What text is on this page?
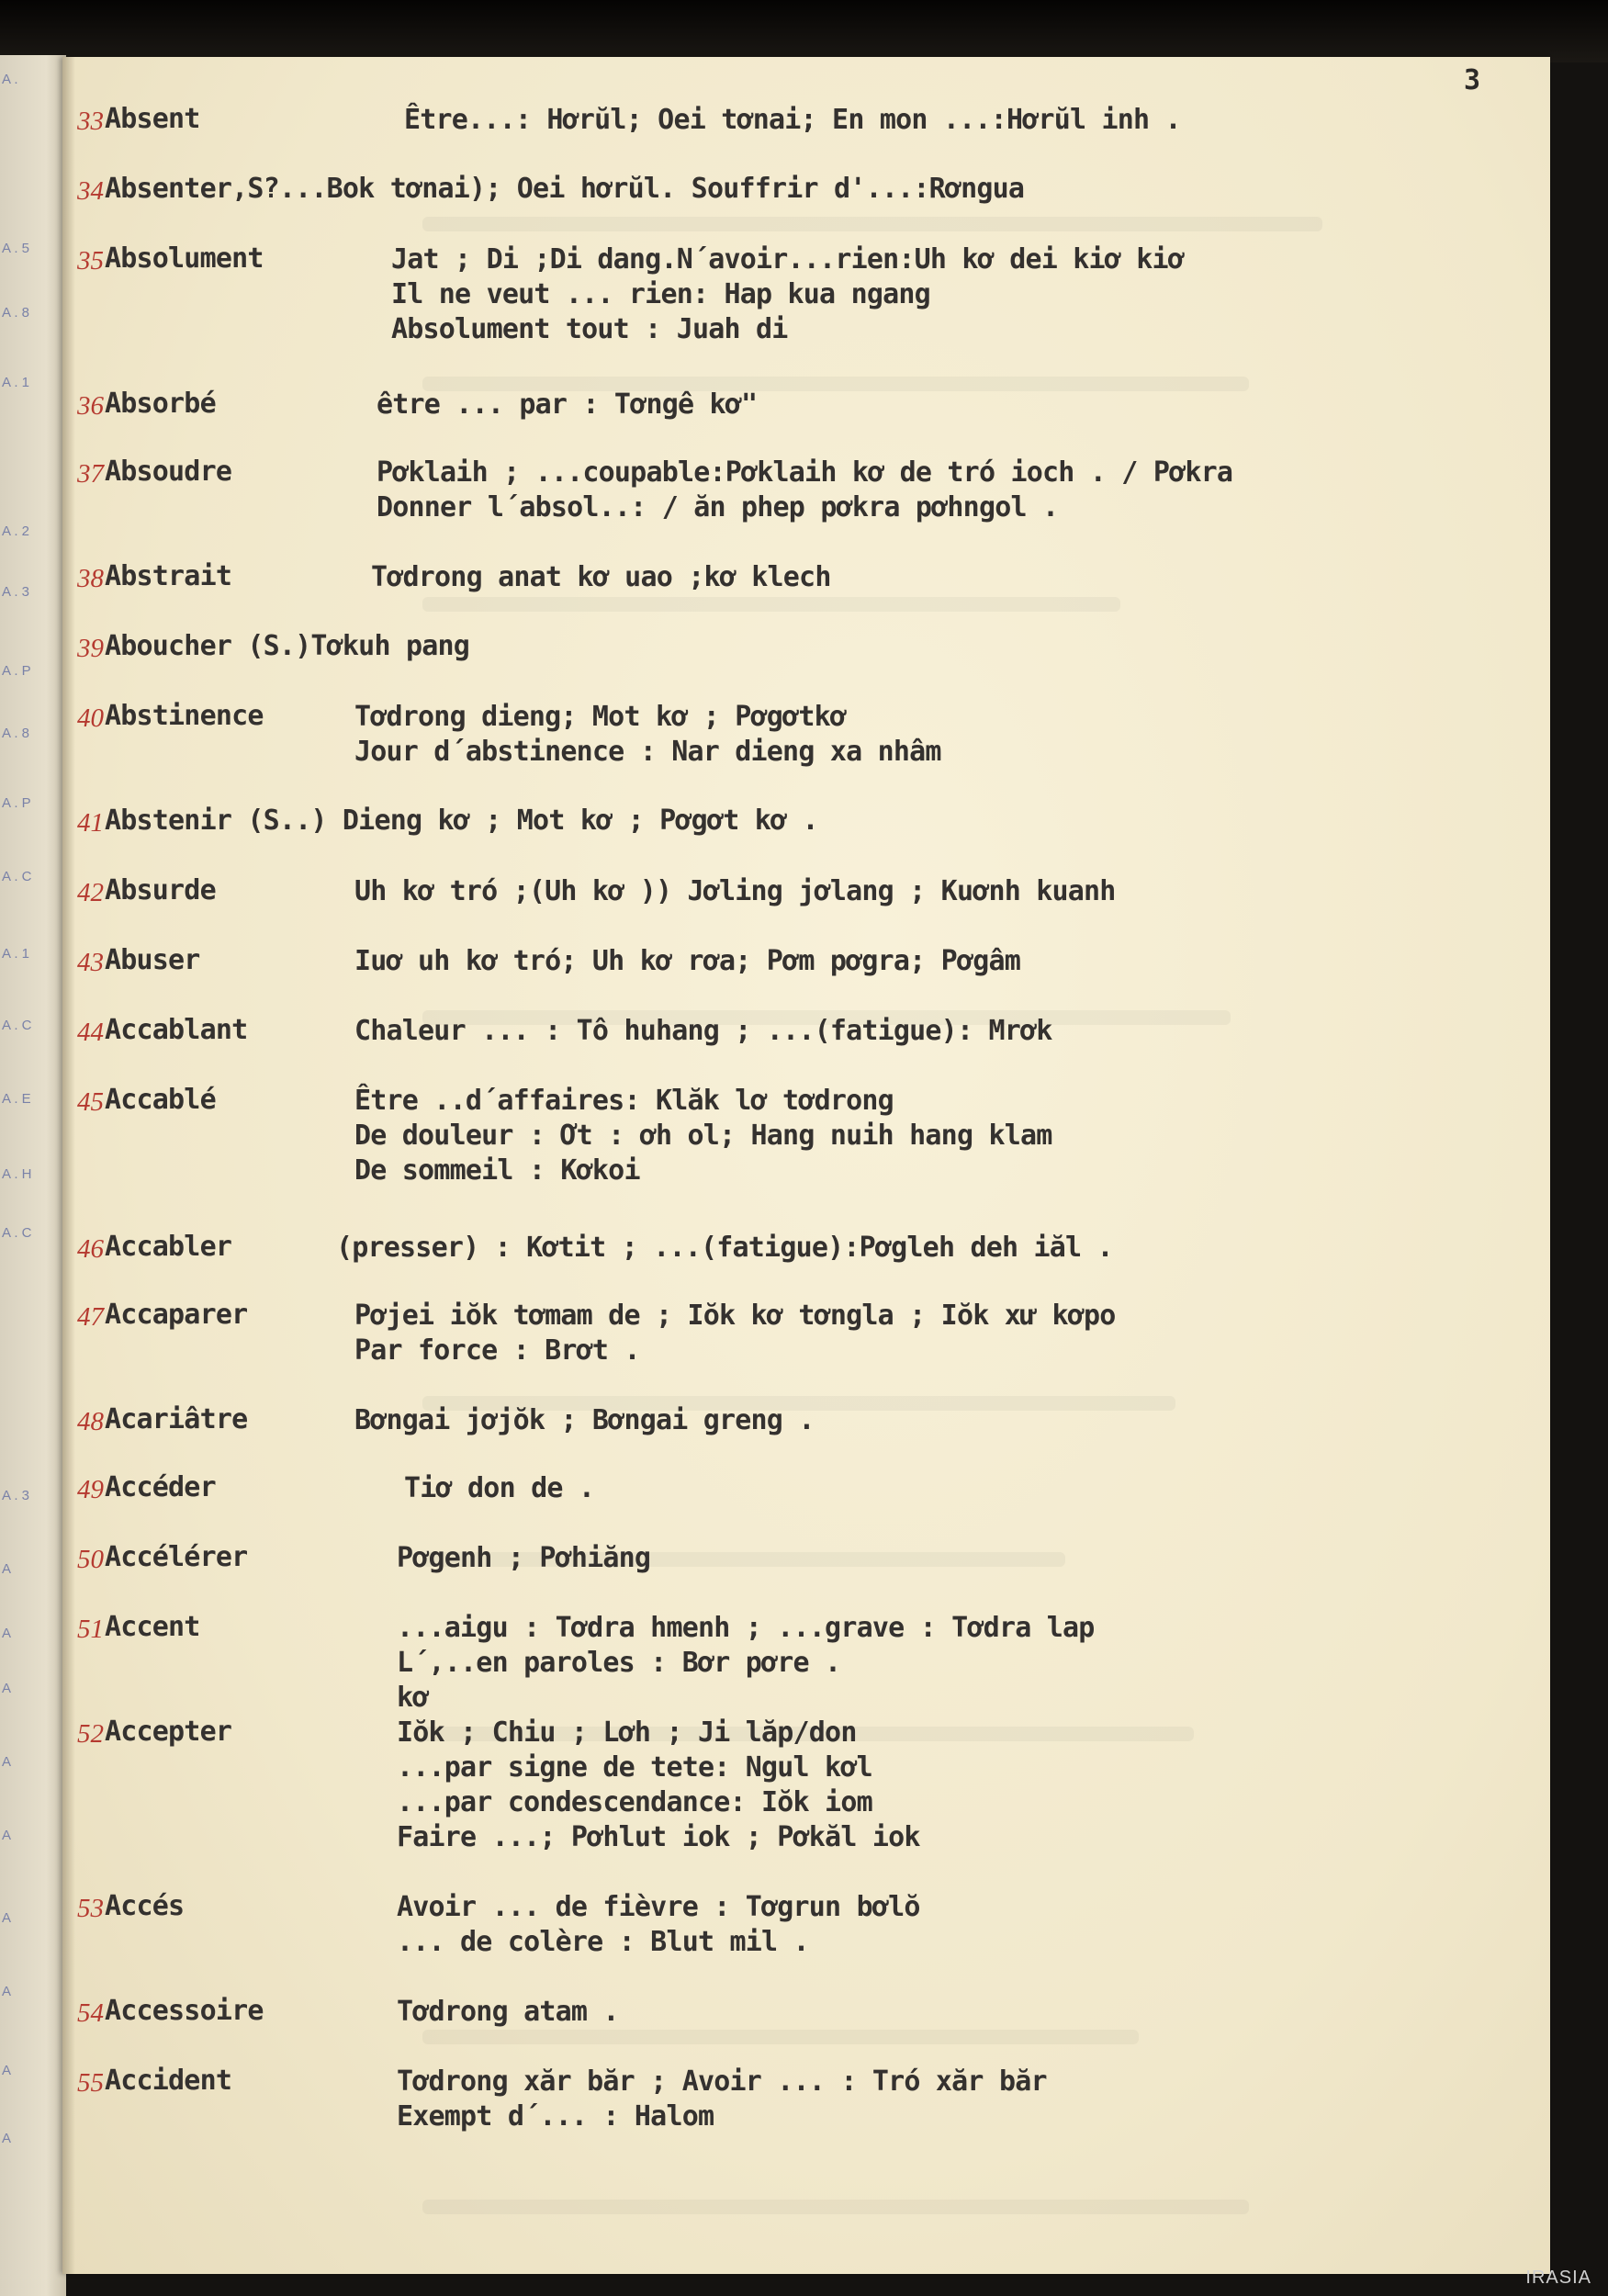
A .
A . 5
A . 8
A . 1
A . 2
A . 3
A . P
A . 8
A . P
A . C
A . 1
A . C
A . E
A . H
A . C
A . 3
A
A
A
A
A
A
A
A
A
3
33 Absent	Être...: Hơrŭl; Oei tơnai; En mon ...:Hơrŭl inh .
34 Absenter,S?...Bok tơnai); Oei hơrŭl. Souffrir d'...:Rơngua
35 Absolument	Jat ; Di ;Di dang.N´avoir...rien:Uh kơ dei kiơ kiơ
Il ne veut ... rien: Hap kua ngang
Absolument tout : Juah di
36 Absorbé	être ... par : Tơngê kơ"
37 Absoudre	Pơklaih ; ...coupable:Pơklaih kơ de tró ioch . / Pơkra
Donner l´absol..: / ăn phep pơkra pơhngol .
38 Abstrait	Tơdrong anat kơ uao ;kơ klech
39 Aboucher (S.)Tơkuh pang
40 Abstinence	Tơdrong dieng; Mot kơ ; Pơgơtkơ
Jour d´abstinence : Nar dieng xa nhâm
41 Abstenir (S..) Dieng kơ ; Mot kơ ; Pơgơt kơ .
42 Absurde	Uh kơ tró ;(Uh kơ )) Jơling jơlang ; Kuơnh kuanh
43 Abuser	Iuơ uh kơ tró; Uh kơ rơa; Pơm pơgra; Pơgâm
44 Accablant	Chaleur ... : Tô huhang ; ...(fatigue): Mrơk
45 Accablé	Être ..d´affaires: Klăk lơ tơdrong
De douleur : Ơt : ơh ol; Hang nuih hang klam
De sommeil : Kơkoi
46 Accabler	(presser) : Kơtit ; ...(fatigue):Pơgleh deh iăl .
47 Accaparer	Pơjei iŏk tơmam de ; Iŏk kơ tơngla ; Iŏk xư kơpo
Par force : Brơt .
48 Acariâtre	Bơngai jơjŏk ; Bơngai greng .
49 Accéder	Tiơ don de .
50 Accélérer	Pơgenh ; Pơhiăng
51 Accent	...aigu : Tơdra hmenh ; ...grave : Tơdra lap
L´,..en paroles : Bơr pơre .
kơ
52 Accepter	Iŏk ; Chiu ; Lơh ; Ji lăp/don
...par signe de tete: Ngul kơl
...par condescendance: Iŏk iom
Faire ...; Pơhlut iok ; Pơkăl iok
53 Accés	Avoir ... de fièvre : Tơgrun bơlŏ
... de colère : Blut mil .
54 Accessoire	Tơdrong atam .
55 Accident	Tơdrong xăr băr ; Avoir ... : Tró xăr băr
Exempt d´... : Halom
IRASIA
